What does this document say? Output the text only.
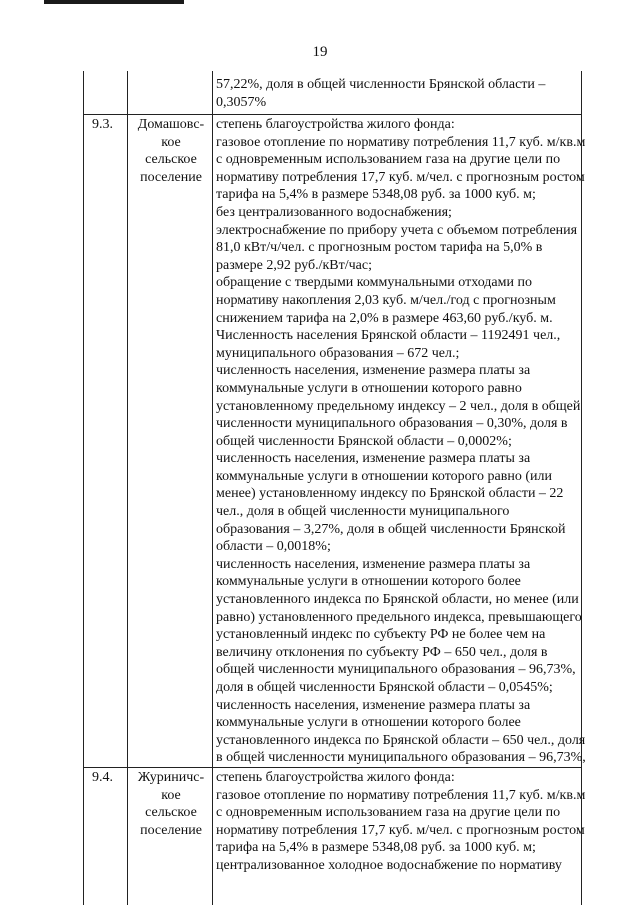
19
57,22%, доля в общей численности Брянской области –
0,3057%
9.3.	Домашовс-
кое
сельское
поселение
степень благоустройства жилого фонда:
газовое отопление по нормативу потребления 11,7 куб. м/кв.м
с одновременным использованием газа на другие цели по
нормативу потребления 17,7 куб. м/чел. с прогнозным ростом
тарифа на 5,4% в размере 5348,08 руб. за 1000 куб. м;
без централизованного водоснабжения;
электроснабжение по прибору учета с объемом потребления
81,0 кВт/ч/чел. с прогнозным ростом тарифа на 5,0% в
размере 2,92 руб./кВт/час;
обращение с твердыми коммунальными отходами по
нормативу накопления 2,03 куб. м/чел./год с прогнозным
снижением тарифа на 2,0% в размере 463,60 руб./куб. м.
Численность населения Брянской области – 1192491 чел.,
муниципального образования – 672 чел.;
численность населения, изменение размера платы за
коммунальные услуги в отношении которого равно
установленному предельному индексу – 2 чел., доля в общей
численности муниципального образования – 0,30%, доля в
общей численности Брянской области – 0,0002%;
численность населения, изменение размера платы за
коммунальные услуги в отношении которого равно (или
менее) установленному индексу по Брянской области – 22
чел., доля в общей численности муниципального
образования – 3,27%, доля в общей численности Брянской
области – 0,0018%;
численность населения, изменение размера платы за
коммунальные услуги в отношении которого более
установленного индекса по Брянской области, но менее (или
равно) установленного предельного индекса, превышающего
установленный индекс по субъекту РФ не более чем на
величину отклонения по субъекту РФ – 650 чел., доля в
общей численности муниципального образования – 96,73%,
доля в общей численности Брянской области – 0,0545%;
численность населения, изменение размера платы за
коммунальные услуги в отношении которого более
установленного индекса по Брянской области – 650 чел., доля
в общей численности муниципального образования – 96,73%,
9.4.	Журиничс-
кое
сельское
поселение
степень благоустройства жилого фонда:
газовое отопление по нормативу потребления 11,7 куб. м/кв.м
с одновременным использованием газа на другие цели по
нормативу потребления 17,7 куб. м/чел. с прогнозным ростом
тарифа на 5,4% в размере 5348,08 руб. за 1000 куб. м;
централизованное холодное водоснабжение по нормативу
